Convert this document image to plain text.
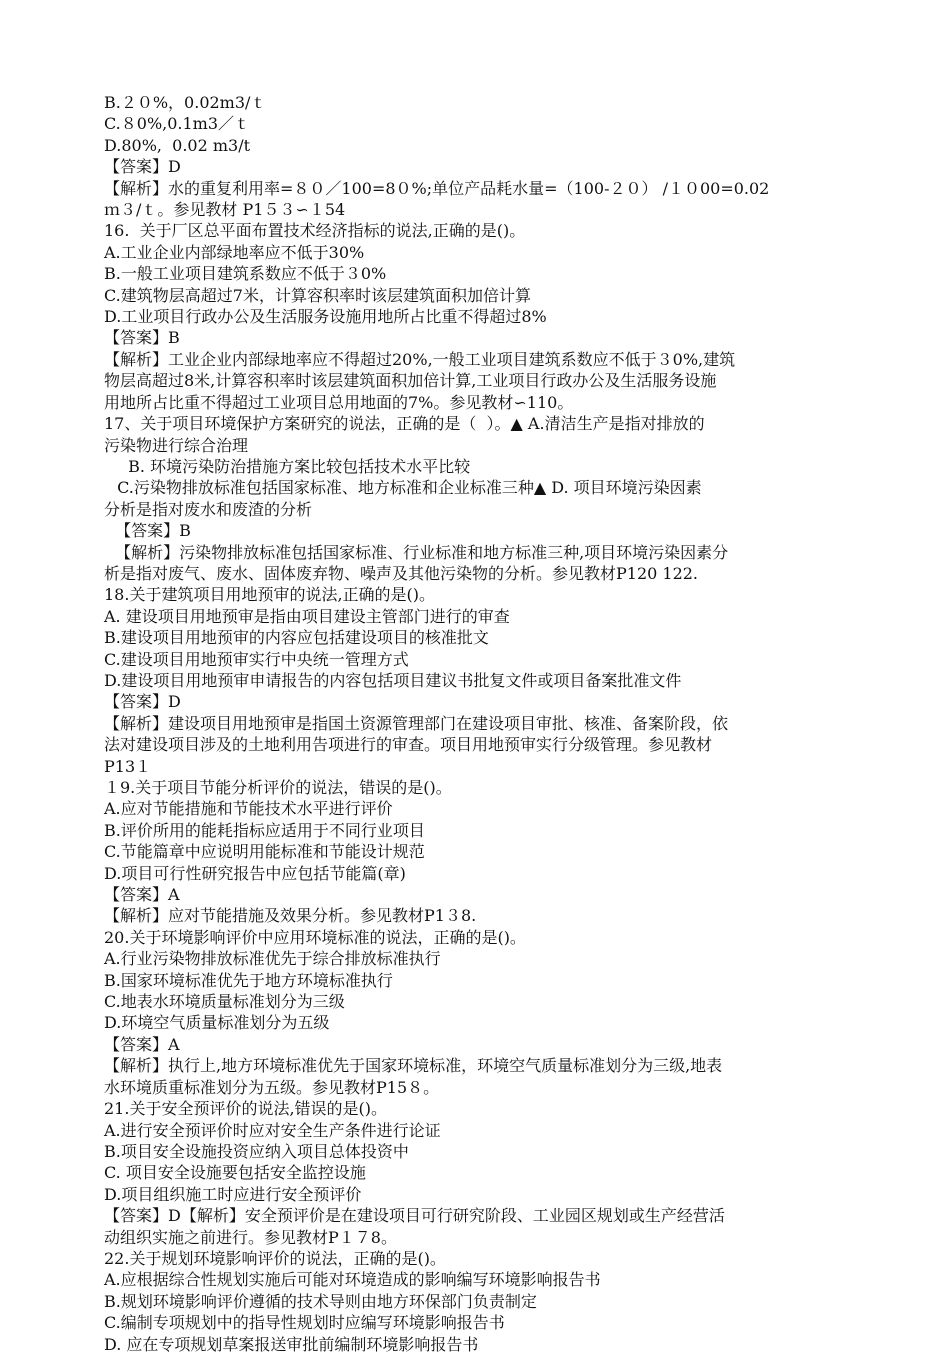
B.２０%，0.02m3/ｔ

C.８0%,0.1m3／ｔ

D.80%,  0.02 m3/t

【答案】D

【解析】水的重复利用率=８０／100=8０%;单位产品耗水量=（100-２０） /１０00=0.02

ｍ３/ｔ。参见教材 P1５３∽１54

16.  关于厂区总平面布置技术经济指标的说法,正确的是()。

A.工业企业内部绿地率应不低于30%

B.一般工业项目建筑系数应不低于３0%

C.建筑物层高超过7米，计算容积率时该层建筑面积加倍计算

D.工业项目行政办公及生活服务设施用地所占比重不得超过8%

【答案】B

【解析】工业企业内部绿地率应不得超过20%,一般工业项目建筑系数应不低于３0%,建筑

物层高超过8米,计算容积率时该层建筑面积加倍计算,工业项目行政办公及生活服务设施

用地所占比重不得超过工业项目总用地面的7%。参见教材∽110。

17、关于项目环境保护方案研究的说法，正确的是（  ）。▲ A.清洁生产是指对排放的

污染物进行综合治理

B. 环境污染防治措施方案比较包括技术水平比较

C.污染物排放标准包括国家标准、地方标准和企业标准三种▲ D. 项目环境污染因素

分析是指对废水和废渣的分析

【答案】B

【解析】污染物排放标准包括国家标准、行业标准和地方标准三种,项目环境污染因素分

析是指对废气、废水、固体废弃物、噪声及其他污染物的分析。参见教材P120 122.

18.关于建筑项目用地预审的说法,正确的是()。

A. 建设项目用地预审是指由项目建设主管部门进行的审查

B.建设项目用地预审的内容应包括建设项目的核准批文

C.建设项目用地预审实行中央统一管理方式

D.建设项目用地预审申请报告的内容包括项目建议书批复文件或项目备案批准文件

【答案】D

【解析】建设项目用地预审是指国土资源管理部门在建设项目审批、核准、备案阶段，依

法对建设项目涉及的土地利用告项进行的审查。项目用地预审实行分级管理。参见教材

P13１

１9.关于项目节能分析评价的说法，错误的是()。

A.应对节能措施和节能技术水平进行评价

B.评价所用的能耗指标应适用于不同行业项目

C.节能篇章中应说明用能标准和节能设计规范

D.项目可行性研究报告中应包括节能篇(章)

【答案】A

【解析】应对节能措施及效果分析。参见教材P1３8.

20.关于环境影响评价中应用环境标准的说法，正确的是()。

A.行业污染物排放标准优先于综合排放标准执行

B.国家环境标准优先于地方环境标准执行

C.地表水环境质量标准划分为三级

D.环境空气质量标准划分为五级

【答案】A

【解析】执行上,地方环境标准优先于国家环境标准，环境空气质量标准划分为三级,地表

水环境质重标准划分为五级。参见教材P15８。

21.关于安全预评价的说法,错误的是()。

A.进行安全预评价时应对安全生产条件进行论证

B.项目安全设施投资应纳入项目总体投资中

C. 项目安全设施要包括安全监控设施

D.项目组织施工时应进行安全预评价

【答案】D【解析】安全预评价是在建设项目可行研究阶段、工业园区规划或生产经营活

动组织实施之前进行。参见教材P１７8。

22.关于规划环境影响评价的说法，正确的是()。

A.应根据综合性规划实施后可能对环境造成的影响编写环境影响报告书

B.规划环境影响评价遵循的技术导则由地方环保部门负责制定

C.编制专项规划中的指导性规划时应编写环境影响报告书

D. 应在专项规划草案报送审批前编制环境影响报告书
